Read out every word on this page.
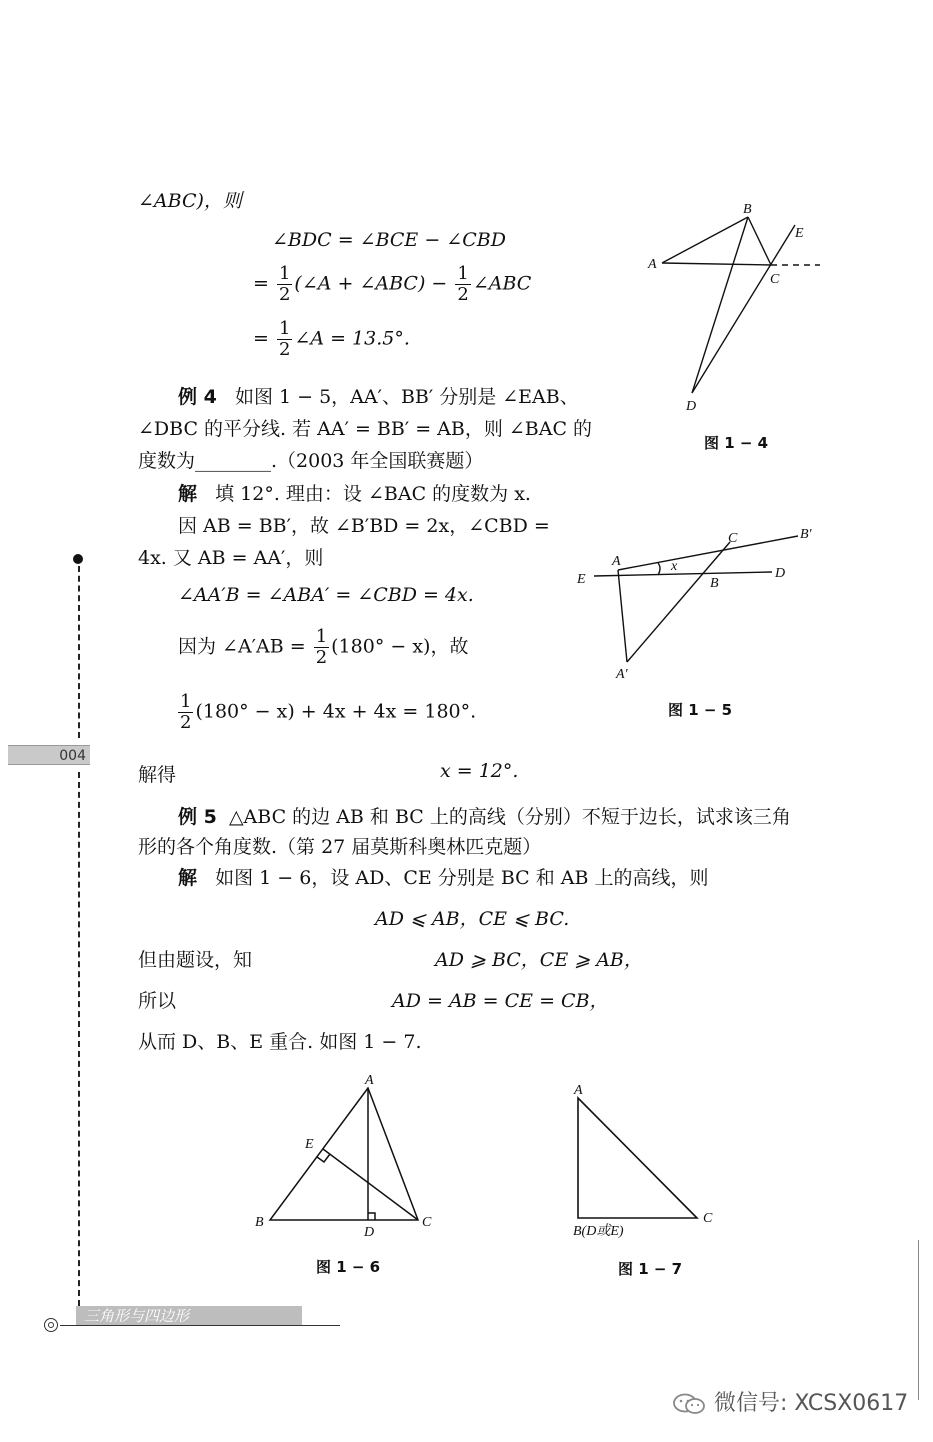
∠ABC)，则
∠BDC = ∠BCE − ∠CBD
= $\frac{1}{2}$ (∠A + ∠ABC) − $\frac{1}{2}$ ∠ABC
= $\frac{1}{2}$ ∠A = 13.5°.
例 4 如图 1 − 5，AA′、BB′ 分别是 ∠EAB、
∠DBC 的平分线. 若 AA′ = BB′ = AB，则 ∠BAC 的
度数为________.（2003 年全国联赛题）
解 填 12°. 理由：设 ∠BAC 的度数为 x.
因 AB = BB′，故 ∠B′BD = 2x，∠CBD =
4x. 又 AB = AA′，则
∠AA′B = ∠ABA′ = ∠CBD = 4x.
因为 ∠A′AB = $\frac{1}{2} (180^\circ - x)$，故
$\frac{1}{2} (180^\circ - x) + 4x + 4x = 180^\circ$.
解得	x = 12°.
例 5 △ABC 的边 AB 和 BC 上的高线（分别）不短于边长，试求该三角
形的各个角度数.（第 27 届莫斯科奥林匹克题）
解 如图 1 − 6，设 AD、CE 分别是 BC 和 AB 上的高线，则
AD ⩽ AB，CE ⩽ BC.
但由题设，知	AD ⩾ BC，CE ⩾ AB，
所以	AD = AB = CE = CB，
从而 D、B、E 重合. 如图 1 − 7.
A
B
C
D
E
图 1 − 4
A
C	B′
E	B
D
x
A′
图 1 − 5
A
E
B
D
C
图 1 − 6
A
C
B(D或E)
图 1 − 7
004
三角形与四边形
微信号: XCSX0617
